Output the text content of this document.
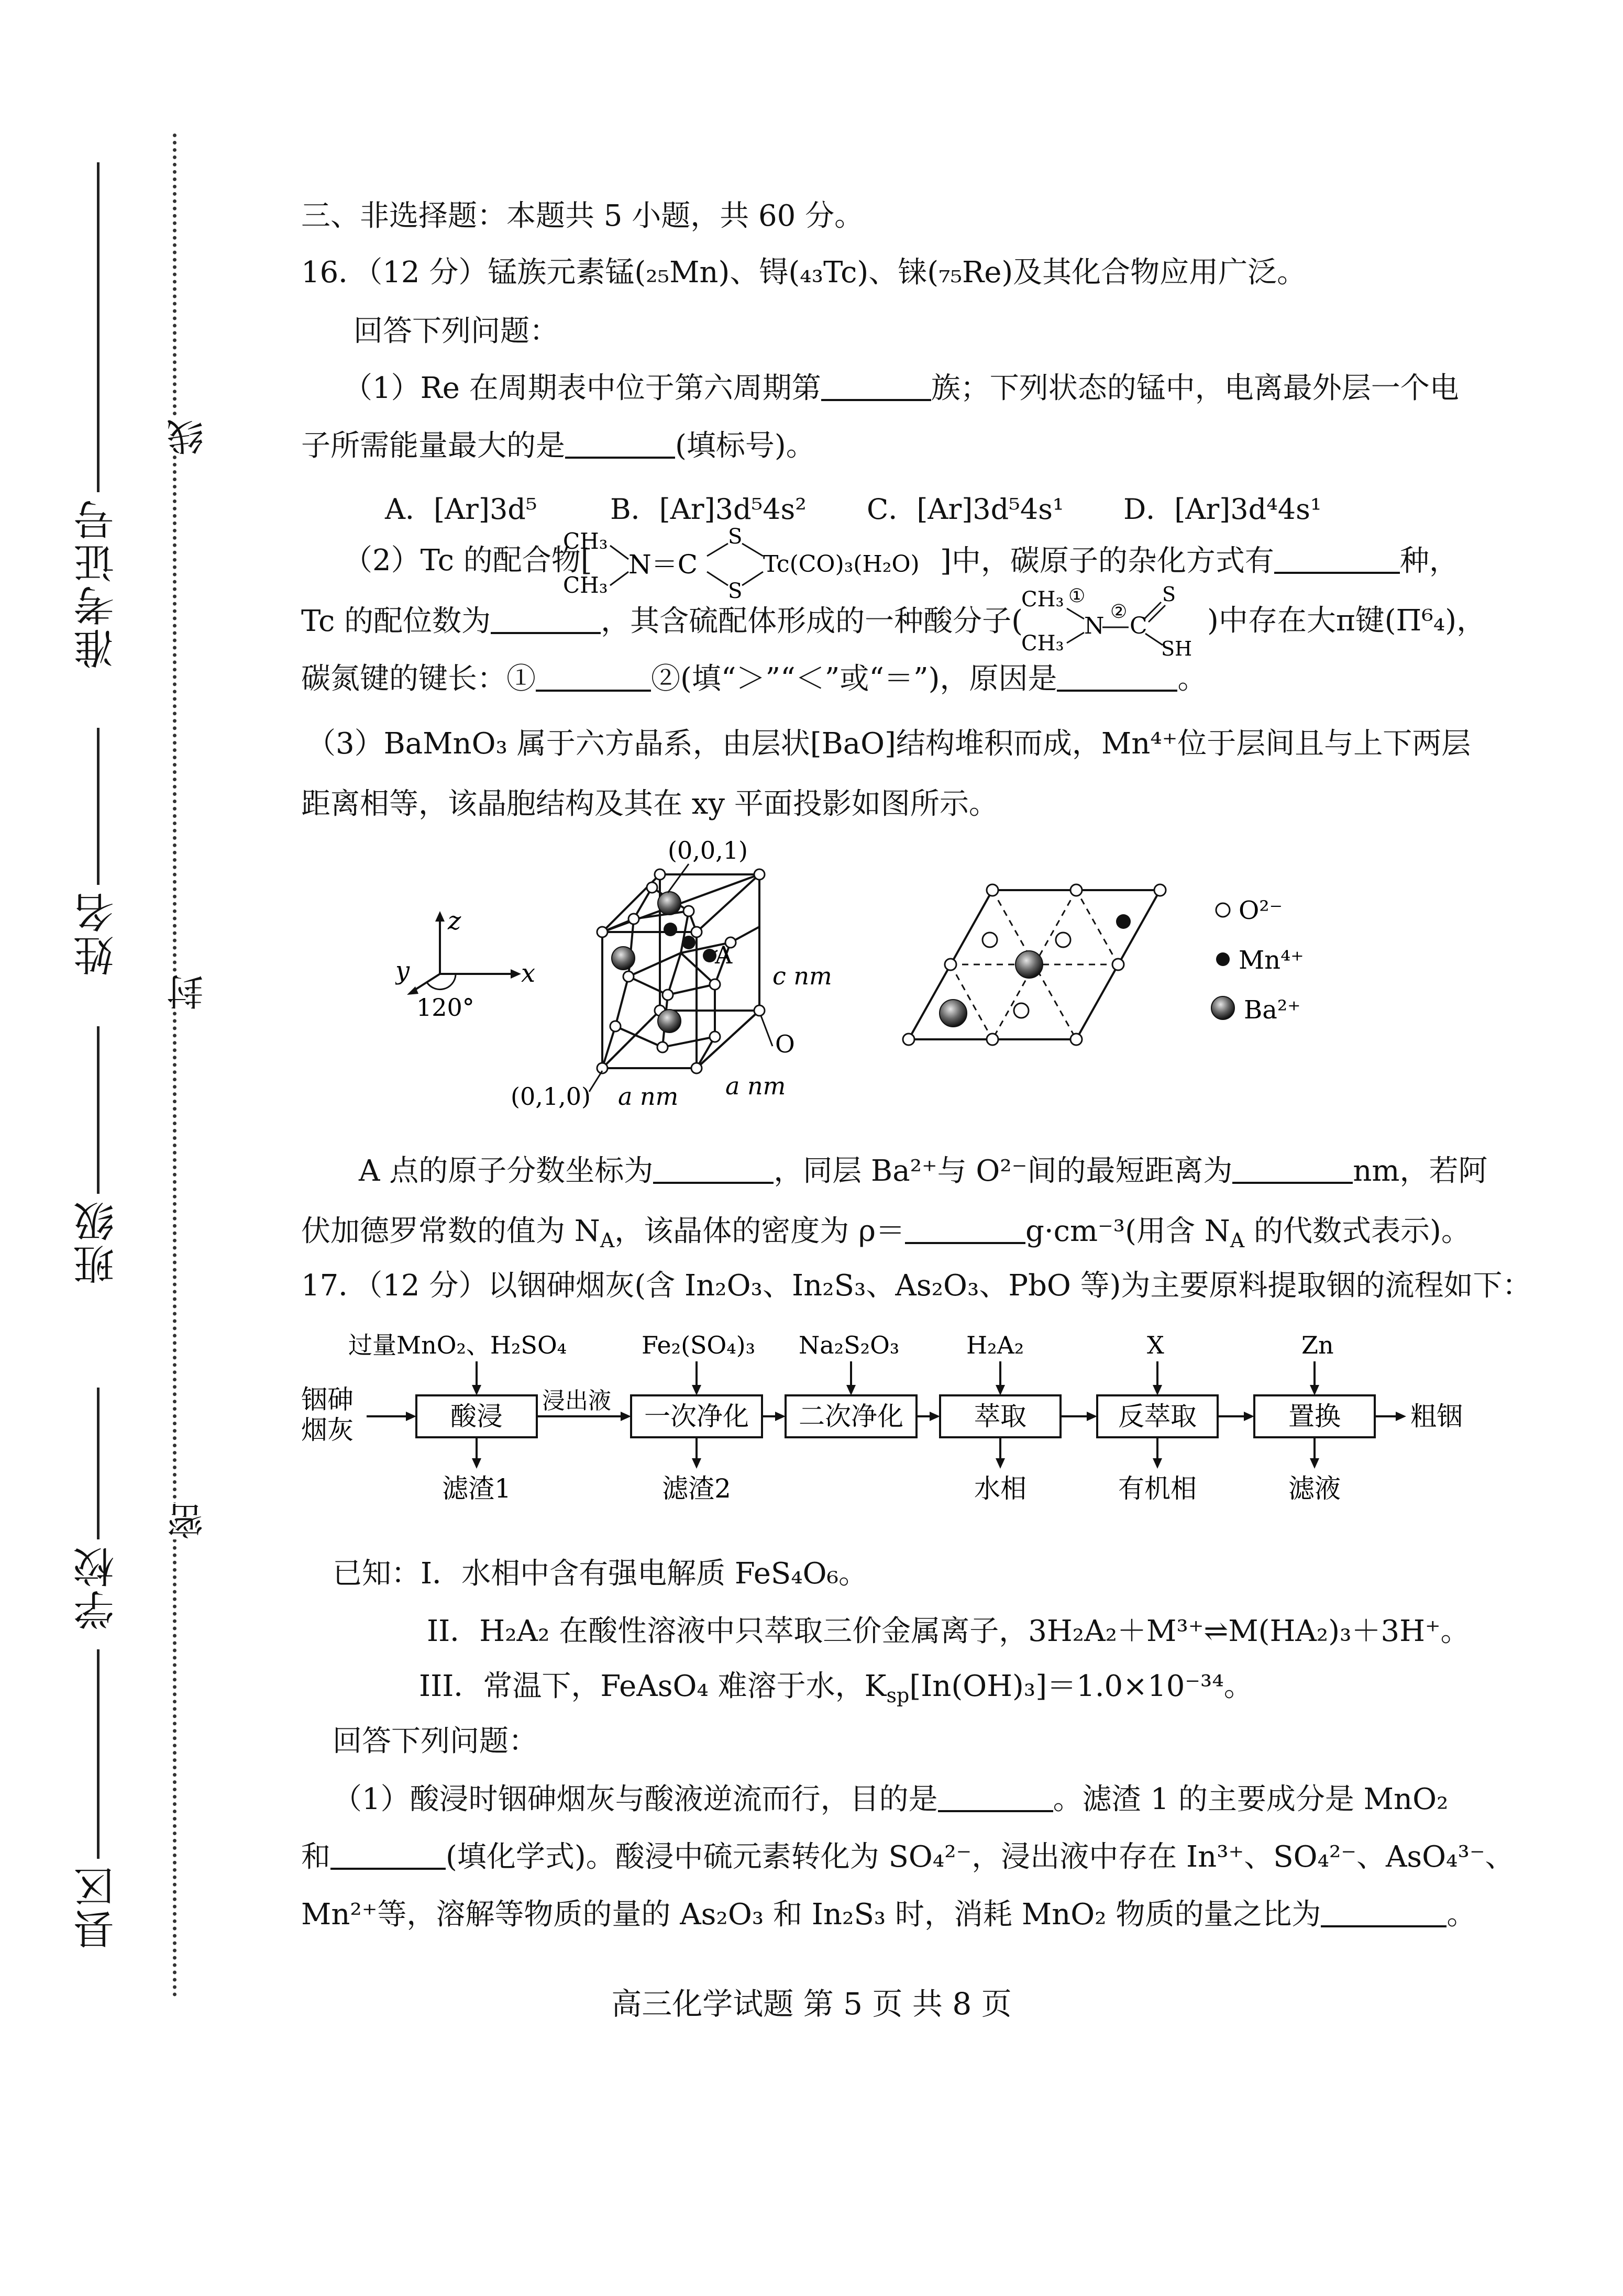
县区
学校
班级
姓名
准考证号
线
封
密
三、非选择题：本题共 5 小题，共 60 分。
16．（12 分）锰族元素锰(₂₅Mn)、锝(₄₃Tc)、铼(₇₅Re)及其化合物应用广泛。
回答下列问题：
（1）Re 在周期表中位于第六周期第	族；下列状态的锰中，电离最外层一个电
子所需能量最大的是	(填标号)。
A．[Ar]3d⁵	B．[Ar]3d⁵4s² C．[Ar]3d⁵4s¹ D．[Ar]3d⁴4s¹
（2）Tc 的配合物[
CH₃
CH₃
N＝C
S
S
Tc(CO)₃(H₂O) ]中，碳原子的杂化方式有	种，
Tc 的配位数为	，其含硫配体形成的一种酸分子(
CH₃ ①
CH₃
N
②
C
S
SH
)中存在大π键(Π⁶₄)，
碳氮键的键长：①	②(填“＞”“＜”或“＝”)，原因是	。
（3）BaMnO₃ 属于六方晶系，由层状[BaO]结构堆积而成，Mn⁴⁺位于层间且与上下两层
距离相等，该晶胞结构及其在 xy 平面投影如图所示。
z
x
y
120°
(0,0,1)
A
c nm
O
(0,1,0) a nm a nm
O²⁻
Mn⁴⁺
Ba²⁺
A 点的原子分数坐标为	，同层 Ba²⁺与 O²⁻间的最短距离为	nm，若阿
伏加德罗常数的值为 $N_A$，该晶体的密度为 ρ＝	g·cm⁻³(用含 $N_A$ 的代数式表示)。
17．（12 分）以铟砷烟灰(含 In₂O₃、In₂S₃、As₂O₃、PbO 等)为主要原料提取铟的流程如下：
过量MnO₂、H₂SO₄	Fe₂(SO₄)₃ Na₂S₂O₃	H₂A₂	X	Zn
铟砷
烟灰
浸出液
酸浸	一次净化 二次净化	萃取	反萃取	置换
滤渣1	滤渣2	水相	有机相	滤液
粗铟
已知：I．水相中含有强电解质 FeS₄O₆。
II．H₂A₂ 在酸性溶液中只萃取三价金属离子，3H₂A₂＋M³⁺⇌M(HA₂)₃＋3H⁺。
III．常温下，FeAsO₄ 难溶于水，$K_{sp}[In(OH)_3]=1.0\times 10^{-34}$。
回答下列问题：
（1）酸浸时铟砷烟灰与酸液逆流而行，目的是	。滤渣 1 的主要成分是 MnO₂
和	(填化学式)。酸浸中硫元素转化为 SO₄²⁻，浸出液中存在 In³⁺、SO₄²⁻、AsO₄³⁻、
Mn²⁺等，溶解等物质的量的 As₂O₃ 和 In₂S₃ 时，消耗 MnO₂ 物质的量之比为	。
高三化学试题 第 5 页 共 8 页
